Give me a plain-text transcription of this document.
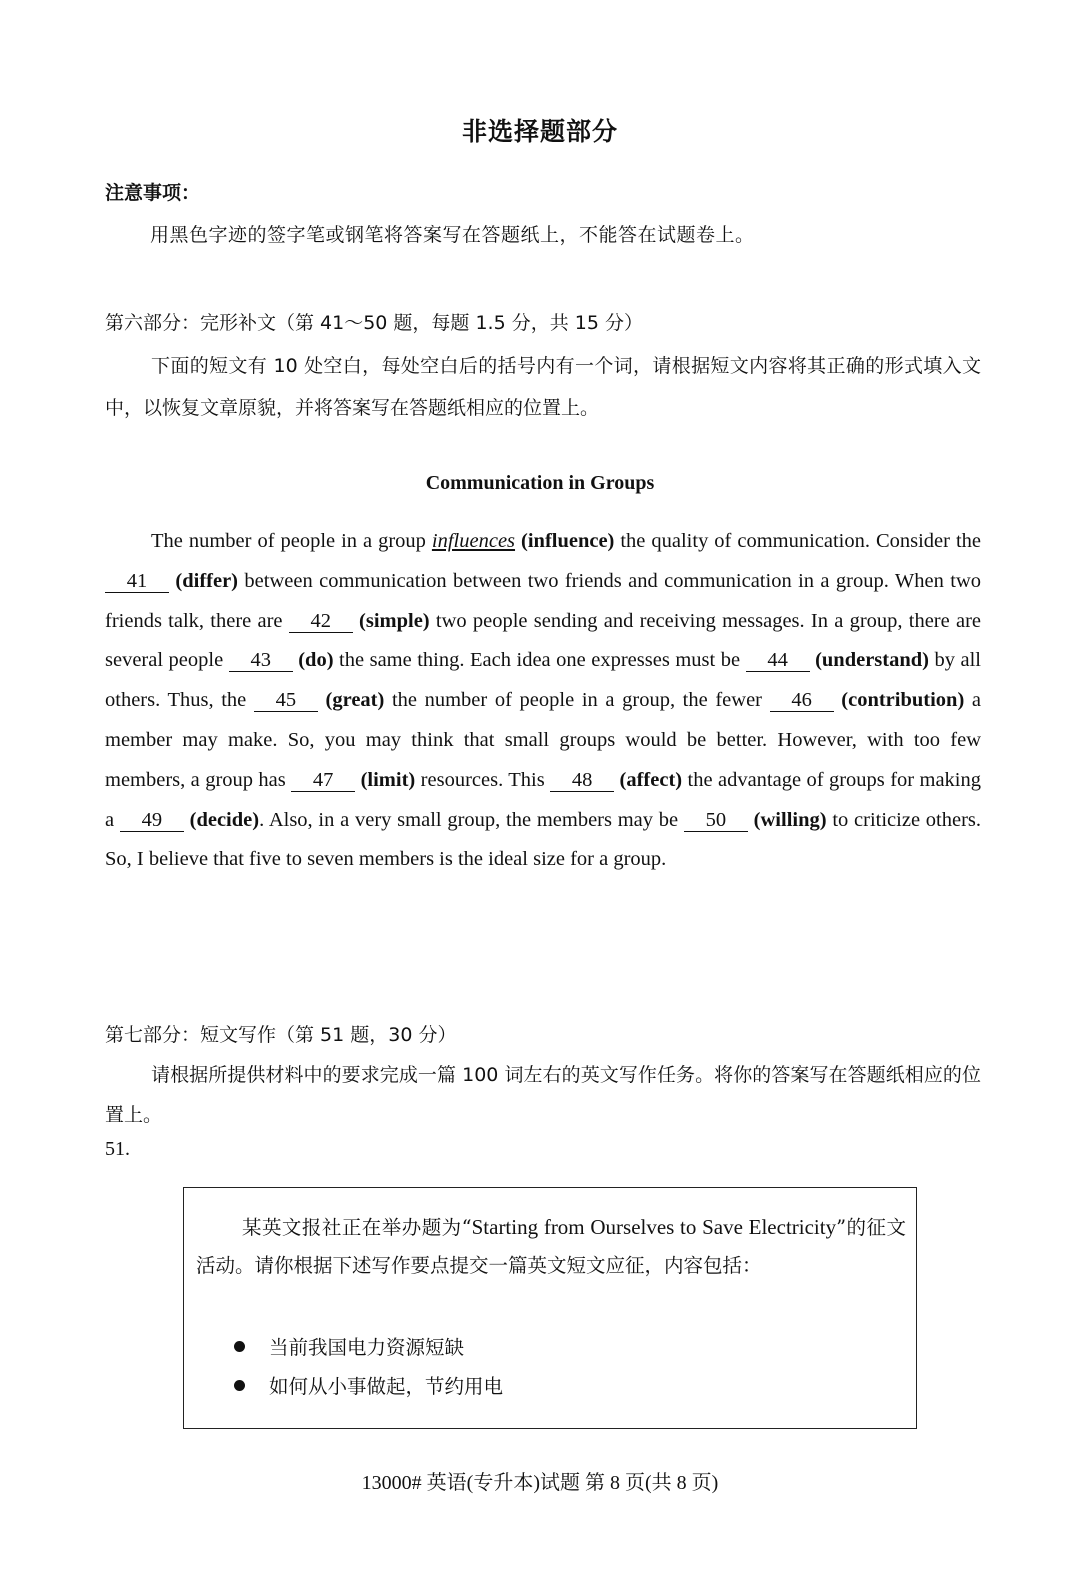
非选择题部分
注意事项：
用黑色字迹的签字笔或钢笔将答案写在答题纸上，不能答在试题卷上。
第六部分：完形补文（第 41～50 题，每题 1.5 分，共 15 分）
下面的短文有 10 处空白，每处空白后的括号内有一个词，请根据短文内容将其正确的形式填入文中，以恢复文章原貌，并将答案写在答题纸相应的位置上。
Communication in Groups
The number of people in a group influences (influence) the quality of communication. Consider the 41 (differ) between communication between two friends and communication in a group. When two friends talk, there are 42 (simple) two people sending and receiving messages. In a group, there are several people 43 (do) the same thing. Each idea one expresses must be 44 (understand) by all others. Thus, the 45 (great) the number of people in a group, the fewer 46 (contribution) a member may make. So, you may think that small groups would be better. However, with too few members, a group has 47 (limit) resources. This 48 (affect) the advantage of groups for making a 49 (decide). Also, in a very small group, the members may be 50 (willing) to criticize others. So, I believe that five to seven members is the ideal size for a group.
第七部分：短文写作（第 51 题，30 分）
请根据所提供材料中的要求完成一篇 100 词左右的英文写作任务。将你的答案写在答题纸相应的位置上。
51.
某英文报社正在举办题为“Starting from Ourselves to Save Electricity”的征文活动。请你根据下述写作要点提交一篇英文短文应征，内容包括：
当前我国电力资源短缺
如何从小事做起，节约用电
13000# 英语(专升本)试题 第 8 页(共 8 页)
